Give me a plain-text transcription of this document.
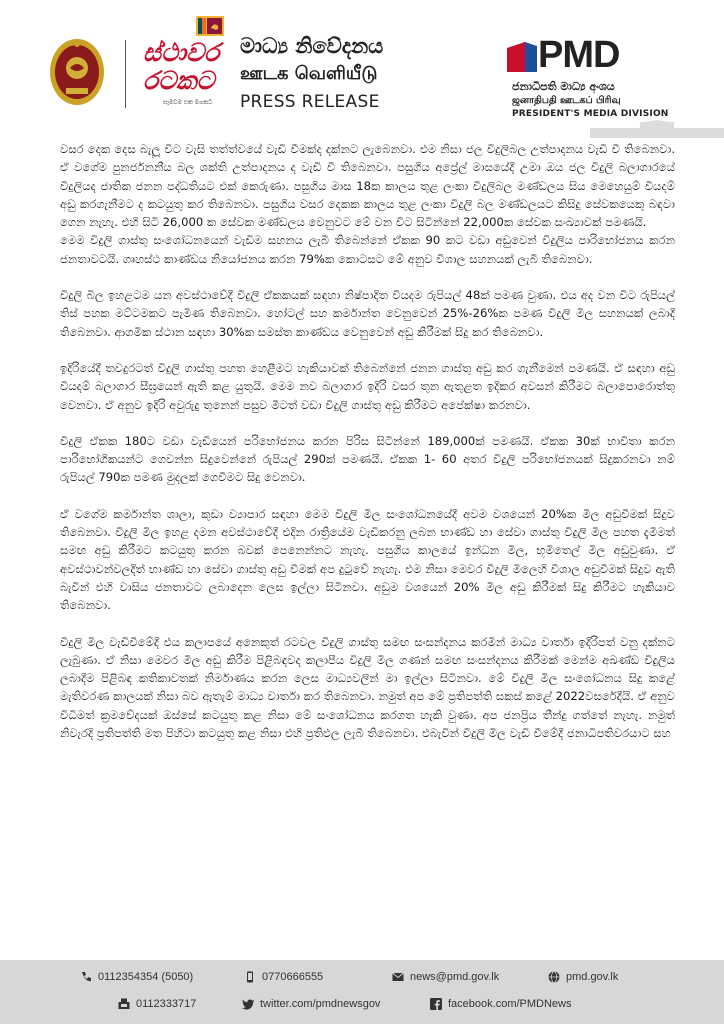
ස්ථාවර
රටකට
සෑමවම එක මගකට
මාධ්‍ය නිවේදනය
ஊடக வெளியீடு
PRESS RELEASE
PMD
ජනාධිපති මාධ්‍ය අංශය
ஜனாதிபதி ஊடகப் பிரிவு
PRESIDENT'S MEDIA DIVISION

වසර දෙක දෙස බැලූ විට වැසි තත්ත්වයේ වැඩි වීමක්ද දක්නට ලැබෙනවා. එම නිසා ජල විදුලිබල උත්පාදනය වැඩි වී තිබෙනවා. ඒ වගේම පුනර්ජනනීය බල ශක්ති උත්පාදනය ද වැඩි වී තිබෙනවා. පසුගිය අප්‍රේල් මාසයේදී උමා ඔය ජල විදුලි බලාගාරයේ විදුලියද ජාතික ජනන පද්ධතියට එක් කෙරුණා. පසුගිය මාස 18ක කාලය තුළ ලංකා විදුලිබල මණ්ඩලය සිය මෙහෙයුම් වියදම් අඩු කරගැනීමට ද කටයුතු කර තිබෙනවා. පසුගිය වසර දෙකක කාලය තුළ ලංකා විදුලි බල මණ්ඩලයට කිසිදු සේවකයෙකු බඳවා ගෙන නැහැ. එහි සිටි 26,000 ක සේවක මණ්ඩලය වෙනුවට මේ වන විට සිටින්නේ 22,000ක සේවක සංඛ්‍යාවක් පමණයි.
මෙම විදුලි ගාස්තු සංශෝධනයෙන් වැඩිම සහනය ලැබී තිබෙන්නේ ඒකක 90 කට වඩා අඩුවෙන් විදුලිය පාරිභෝජනය කරන ජනතාවටයි. ගෘහස්ථ කාණ්ඩය නියෝජනය කරන 79%ක කොටසට මේ අනුව විශාල සහනයක් ලැබී තිබෙනවා.

විදුලි බිල ඉහළටම යන අවස්ථාවේදී විදුලි ඒකකයක් සඳහා නිෂ්පාදිත වියදම රුපියල් 48ක් පමණ වුණා. එය අද වන විට රුපියල් තිස් පහක මට්ටමකට පැමිණ තිබෙනවා. හෝටල් සහ කර්මාන්ත වෙනුවෙන් 25%-26%ක පමණ විදුලි මිල සහනයක් ලබාදී තිබෙනවා. ආගමික ස්ථාන සඳහා 30%ක සමස්ත කාණ්ඩය වෙනුවෙන් අඩු කිරීමක් සිදු කර තිබෙනවා.

ඉදිරියේදී තවදුරටත් විදුලි ගාස්තු පහත හෙළීමට හැකියාවක් තිබෙන්නේ ජනන ගාස්තු අඩු කර ගැනීමෙන් පමණයි. ඒ සඳහා අඩු වියදම් බලාගාර සීඝ්‍රයෙන් ඇති කළ යුතුයි. මෙම නව බලාගාර ඉදිරි වසර තුන ඇතුළත ඉදිකර අවසන් කිරීමට බලාපොරොත්තු වෙනවා. ඒ අනුව ඉදිරි අවුරුදු තුනෙන් පසුව මීටත් වඩා විදුලි ගාස්තු අඩු කිරීමට අපේක්ෂා කරනවා.

විදුලි ඒකක 180ට වඩා වැඩියෙන් පරිභෝජනය කරන පිරිස සිටින්නේ 189,000ක් පමණයි. ඒකක 30ක් භාවිතා කරන පාරිභෝගිකයන්ට ගෙවන්න සිදුවෙන්නේ රුපියල් 290ක් පමණයි. ඒකක 1- 60 අතර විදුලි පරිභෝජනයක් සිදුකරනවා නම් රුපියල් 790ක පමණ මුදලක් ගෙවීමට සිදු වෙනවා.

ඒ වගේම කර්මාන්ත ශාලා, කුඩා ව්‍යාපාර සඳහා මෙම විදුලි මිල සංශෝධනයේදී අවම වශයෙන් 20%ක මිල අඩුවීමක් සිදුව තිබෙනවා. විදුලි මිල ඉහළ දමන අවස්ථාවේදී එදින රාත්‍රියේම වැඩිකරනු ලබන භාණ්ඩ හා සේවා ගාස්තු විදුලි මිල පහත දැමීමත් සමඟ අඩු කිරීමට කටයුතු කරන බවක් පෙනෙන්නට නැහැ. පසුගිය කාලයේ ඉන්ධන මිල, භූමිතෙල් මිල අඩුවුණා. ඒ අවස්ථාවන්වලදීත් භාණ්ඩ හා සේවා ගාස්තු අඩු වීමක් අප දුටුවේ නැහැ. එම නිසා මෙවර විදුලි මිලෙහි විශාල අඩුවීමක් සිදුව ඇති බැවින් එහි වාසිය ජනතාවට ලබාදෙන ලෙස ඉල්ලා සිටිනවා. අඩුම වශයෙන් 20% මිල අඩු කිරීමක් සිදු කිරීමට හැකියාව තිබෙනවා.

විදුලි මිල වැඩිවීමේදී එය කලාපයේ අනෙකුත් රටවල විදුලි ගාස්තු සමඟ සංසන්දනය කරමින් මාධ්‍ය වාර්තා ඉදිරිපත් වනු දක්නට ලැබුණා. ඒ නිසා මෙවර මිල අඩු කිරීම පිළිබඳවද කලාපීය විදුලි මිල ගණන් සමඟ සංසන්දනය කිරීමක් මෙන්ම අඛණ්ඩ විදුලිය ලබාදීම පිළිබඳ කතිකාවතක් නිර්මාණය කරන ලෙස මාධ්‍යවලින් මා ඉල්ලා සිටිනවා. මේ විදුලි මිල සංශෝධනය සිදු කළේ මැතිවරණ කාලයක් නිසා බව ඇතැම් මාධ්‍ය වාර්තා කර තිබෙනවා. නමුත් අප මේ ප්‍රතිපත්ති සකස් කළේ 2022වසරේදීයි. ඒ අනුව විධිමත් ක්‍රමවේදයක් ඔස්සේ කටයුතු කළ නිසා මේ සංශෝධනය කරගත හැකි වුණා. අප ජනප්‍රිය තීන්දු ගත්තේ නැහැ. නමුත් නිවැරදි ප්‍රතිපත්ති මත පිහිටා කටයුතු කළ නිසා එහි ප්‍රතිඵල ලැබී තිබෙනවා. එබැවින් විදුලි මිල වැඩි වීමේදී ජනාධිපතිවරයාට සහ

0112354354 (5050)	0770666555	news@pmd.gov.lk	pmd.gov.lk
0112333717	twitter.com/pmdnewsgov	facebook.com/PMDNews
